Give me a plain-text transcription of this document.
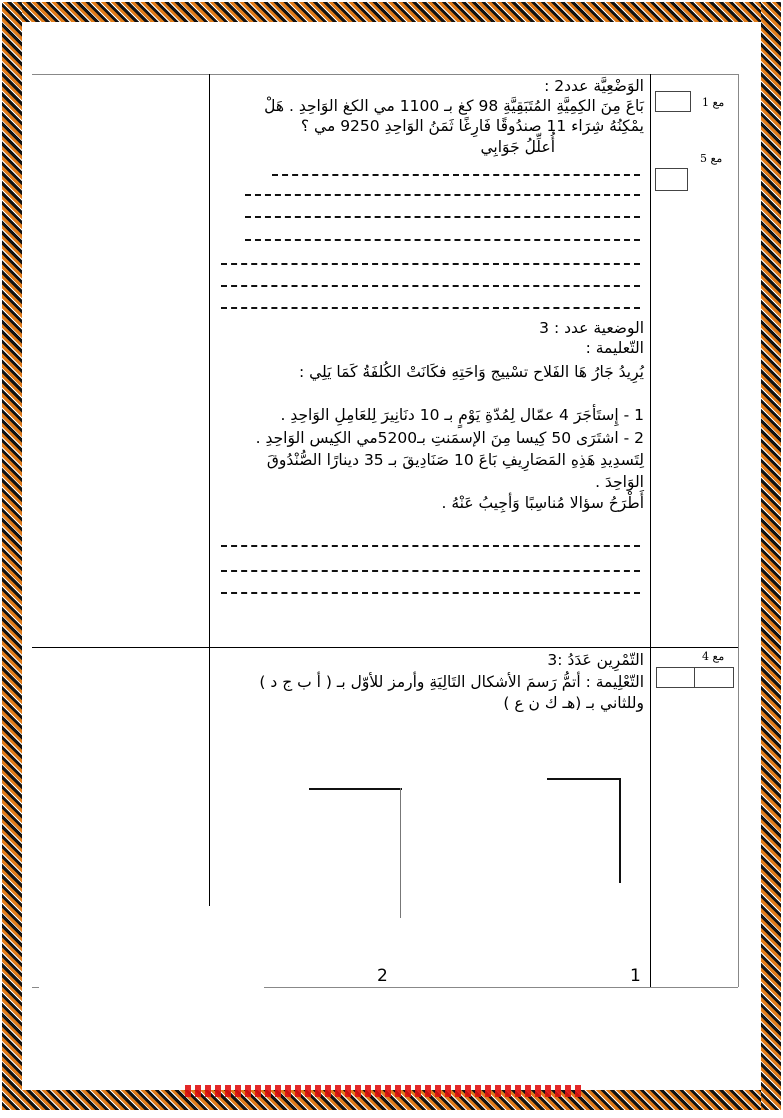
مع 1
مع 5
مع 4
الوَضْعِيَّة عدد2 :
بَاعَ مِنَ الكِمِيَّةِ المُتَبَقِيَّةِ 98 كغ بـ 1100 مي الكغ الوَاحِدِ . هَلْ
يمْكِنُهُ شِرَاء 11 صندُوقًا فَارِغًا ثَمَنُ الوَاحِدِ 9250 مي ؟
أُعلِّلُ جَوَابِي
الوضعية عدد : 3
التّعليمة :
يُرِيدُ جَارُ هَا الفَلاح تسْييج وَاحَتِهِ فكَانَتْ الكُلفَةُ كَمَا يَلِي :
1 - إِستَأجَرَ 4 عمّال لِمُدّةِ يَوْمٍ بـ 10 دنَانِيرَ لِلعَامِلِ الوَاحِدِ .
2 - اشتَرَى 50 كِيسا مِنَ الإسمَنتِ بـ5200مي الكِيس الوَاحِدِ .
لِتَسدِيدِ هَذِهِ المَصَارِيفِ بَاعَ 10 صَنَادِيقَ بـ 35 دينارًا الصُّنْدُوقَ
الوَاحِدَ .
أَطْرَحُ سؤالا مُناسِبًا وَأجِيبُ عَنْهُ .
التّمْرِين عَدَدُ :3
التّعْلِيمة : أتمُّ رَسمَ الأشكال التَالِيَةِ وأرمز للأوّل بـ ( أ ب ج د )
وللثاني بـ (هـ ك ن ع )
1
2
